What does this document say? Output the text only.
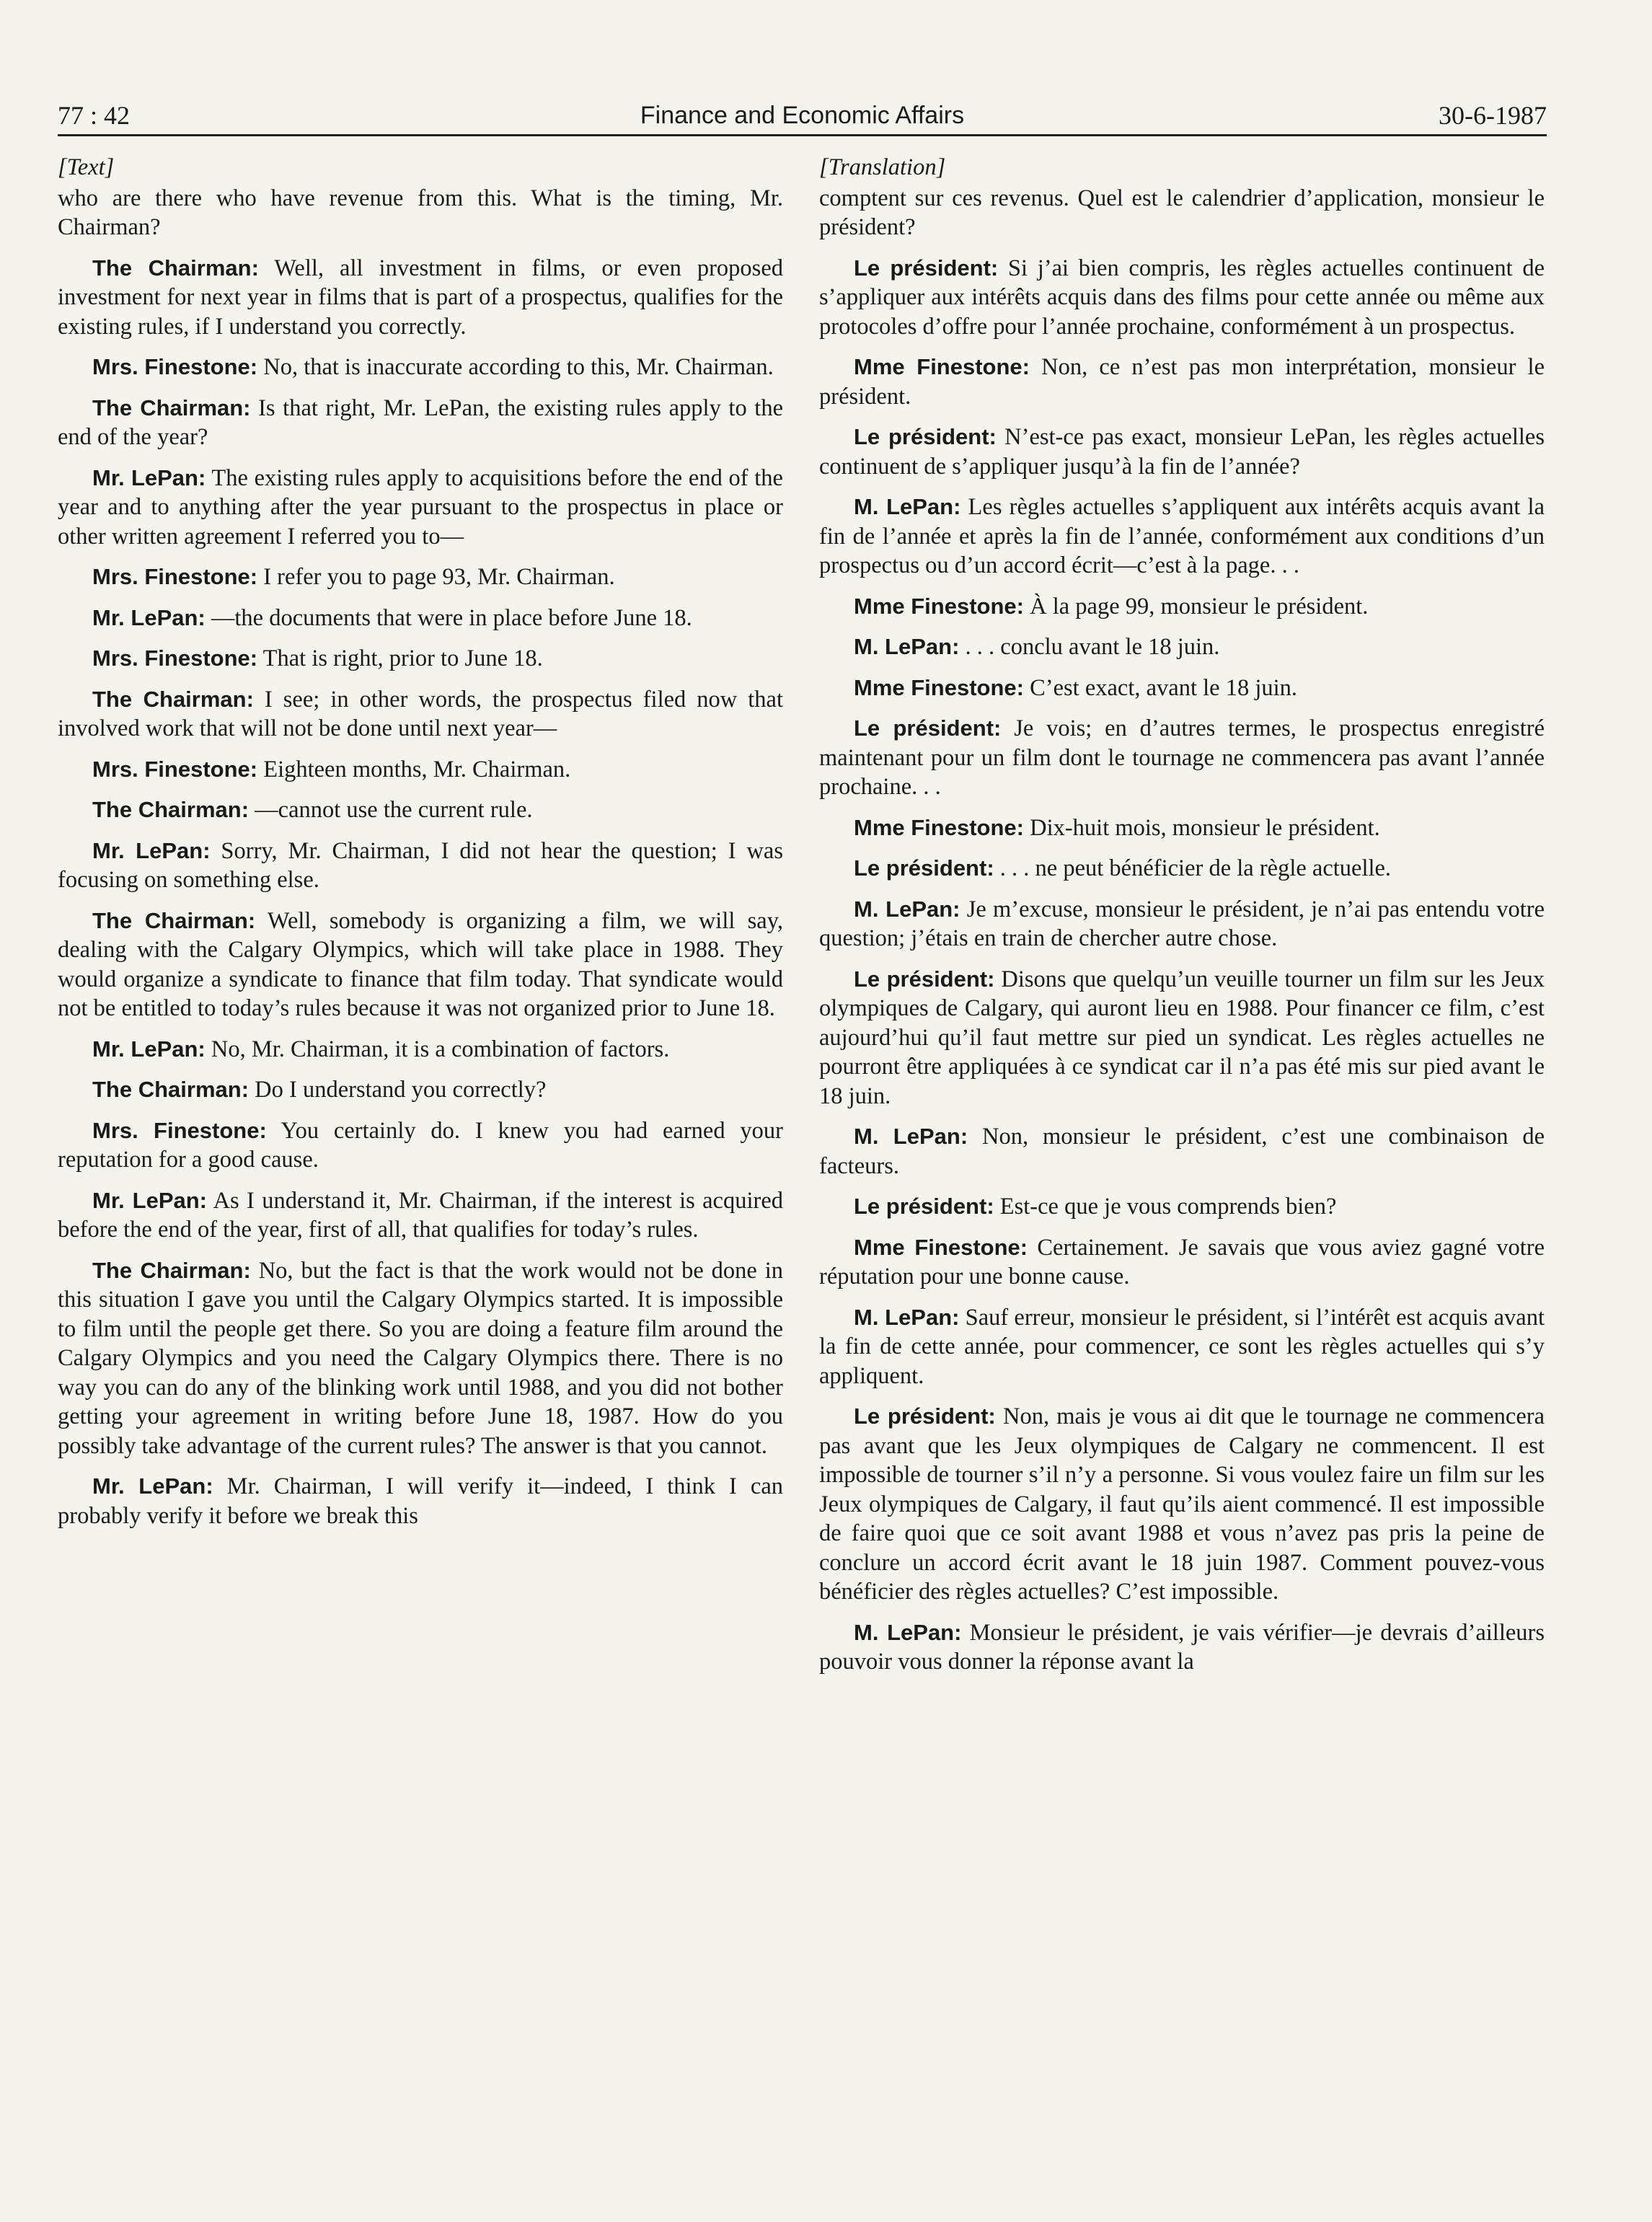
77 : 42	Finance and Economic Affairs	30-6-1987
[Text]

who are there who have revenue from this. What is the timing, Mr. Chairman?

The Chairman: Well, all investment in films, or even proposed investment for next year in films that is part of a prospectus, qualifies for the existing rules, if I understand you correctly.

Mrs. Finestone: No, that is inaccurate according to this, Mr. Chairman.

The Chairman: Is that right, Mr. LePan, the existing rules apply to the end of the year?

Mr. LePan: The existing rules apply to acquisitions before the end of the year and to anything after the year pursuant to the prospectus in place or other written agreement I referred you to—

Mrs. Finestone: I refer you to page 93, Mr. Chairman.

Mr. LePan: —the documents that were in place before June 18.

Mrs. Finestone: That is right, prior to June 18.

The Chairman: I see; in other words, the prospectus filed now that involved work that will not be done until next year—

Mrs. Finestone: Eighteen months, Mr. Chairman.

The Chairman: —cannot use the current rule.

Mr. LePan: Sorry, Mr. Chairman, I did not hear the question; I was focusing on something else.

The Chairman: Well, somebody is organizing a film, we will say, dealing with the Calgary Olympics, which will take place in 1988. They would organize a syndicate to finance that film today. That syndicate would not be entitled to today’s rules because it was not organized prior to June 18.

Mr. LePan: No, Mr. Chairman, it is a combination of factors.

The Chairman: Do I understand you correctly?

Mrs. Finestone: You certainly do. I knew you had earned your reputation for a good cause.

Mr. LePan: As I understand it, Mr. Chairman, if the interest is acquired before the end of the year, first of all, that qualifies for today’s rules.

The Chairman: No, but the fact is that the work would not be done in this situation I gave you until the Calgary Olympics started. It is impossible to film until the people get there. So you are doing a feature film around the Calgary Olympics and you need the Calgary Olympics there. There is no way you can do any of the blinking work until 1988, and you did not bother getting your agreement in writing before June 18, 1987. How do you possibly take advantage of the current rules? The answer is that you cannot.

Mr. LePan: Mr. Chairman, I will verify it—indeed, I think I can probably verify it before we break this

[Translation]

comptent sur ces revenus. Quel est le calendrier d’application, monsieur le président?

Le président: Si j’ai bien compris, les règles actuelles continuent de s’appliquer aux intérêts acquis dans des films pour cette année ou même aux protocoles d’offre pour l’année prochaine, conformément à un prospectus.

Mme Finestone: Non, ce n’est pas mon interprétation, monsieur le président.

Le président: N’est-ce pas exact, monsieur LePan, les règles actuelles continuent de s’appliquer jusqu’à la fin de l’année?

M. LePan: Les règles actuelles s’appliquent aux intérêts acquis avant la fin de l’année et après la fin de l’année, conformément aux conditions d’un prospectus ou d’un accord écrit—c’est à la page. . .

Mme Finestone: À la page 99, monsieur le président.

M. LePan: . . . conclu avant le 18 juin.

Mme Finestone: C’est exact, avant le 18 juin.

Le président: Je vois; en d’autres termes, le prospectus enregistré maintenant pour un film dont le tournage ne commencera pas avant l’année prochaine. . .

Mme Finestone: Dix-huit mois, monsieur le président.

Le président: . . . ne peut bénéficier de la règle actuelle.

M. LePan: Je m’excuse, monsieur le président, je n’ai pas entendu votre question; j’étais en train de chercher autre chose.

Le président: Disons que quelqu’un veuille tourner un film sur les Jeux olympiques de Calgary, qui auront lieu en 1988. Pour financer ce film, c’est aujourd’hui qu’il faut mettre sur pied un syndicat. Les règles actuelles ne pourront être appliquées à ce syndicat car il n’a pas été mis sur pied avant le 18 juin.

M. LePan: Non, monsieur le président, c’est une combinaison de facteurs.

Le président: Est-ce que je vous comprends bien?

Mme Finestone: Certainement. Je savais que vous aviez gagné votre réputation pour une bonne cause.

M. LePan: Sauf erreur, monsieur le président, si l’intérêt est acquis avant la fin de cette année, pour commencer, ce sont les règles actuelles qui s’y appliquent.

Le président: Non, mais je vous ai dit que le tournage ne commencera pas avant que les Jeux olympiques de Calgary ne commencent. Il est impossible de tourner s’il n’y a personne. Si vous voulez faire un film sur les Jeux olympiques de Calgary, il faut qu’ils aient commencé. Il est impossible de faire quoi que ce soit avant 1988 et vous n’avez pas pris la peine de conclure un accord écrit avant le 18 juin 1987. Comment pouvez-vous bénéficier des règles actuelles? C’est impossible.

M. LePan: Monsieur le président, je vais vérifier—je devrais d’ailleurs pouvoir vous donner la réponse avant la
